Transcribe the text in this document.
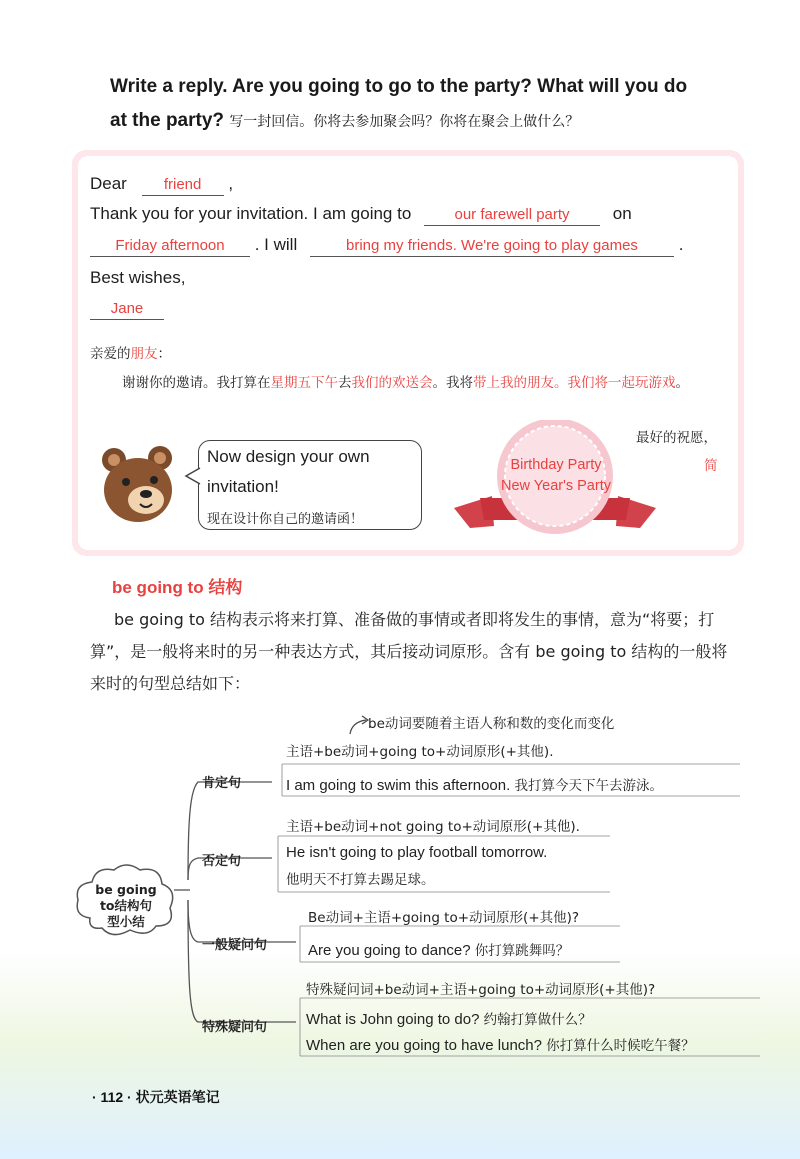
Write a reply. Are you going to go to the party? What will you do
at the party? 写一封回信。你将去参加聚会吗？你将在聚会上做什么？
Dear friend ,
Thank you for your invitation. I am going to	our farewell party	on
Friday afternoon . I will	bring my friends. We're going to play games .
Best wishes,
Jane
亲爱的朋友：
谢谢你的邀请。我打算在星期五下午去我们的欢送会。我将带上我的朋友。我们将一起玩游戏。
最好的祝愿，
简
Now design your own
invitation!
现在设计你自己的邀请函！
Birthday Party
New Year's Party
be going to 结构

be going to 结构表示将来打算、准备做的事情或者即将发生的事情，意为“将要；打

算”，是一般将来时的另一种表达方式，其后接动词原形。含有 be going to 结构的一般将
来时的句型总结如下：
be going
to结构句
型小结
be动词要随着主语人称和数的变化而变化
主语+be动词+going to+动词原形(+其他).
肯定句	I am going to swim this afternoon. 我打算今天下午去游泳。
主语+be动词+not going to+动词原形(+其他).
否定句
He isn't going to play football tomorrow.
他明天不打算去踢足球。
Be动词+主语+going to+动词原形(+其他)?
一般疑问句	Are you going to dance? 你打算跳舞吗？
特殊疑问词+be动词+主语+going to+动词原形(+其他)?
特殊疑问句	What is John going to do? 约翰打算做什么？
When are you going to have lunch? 你打算什么时候吃午餐？
· 112 · 状元英语笔记
